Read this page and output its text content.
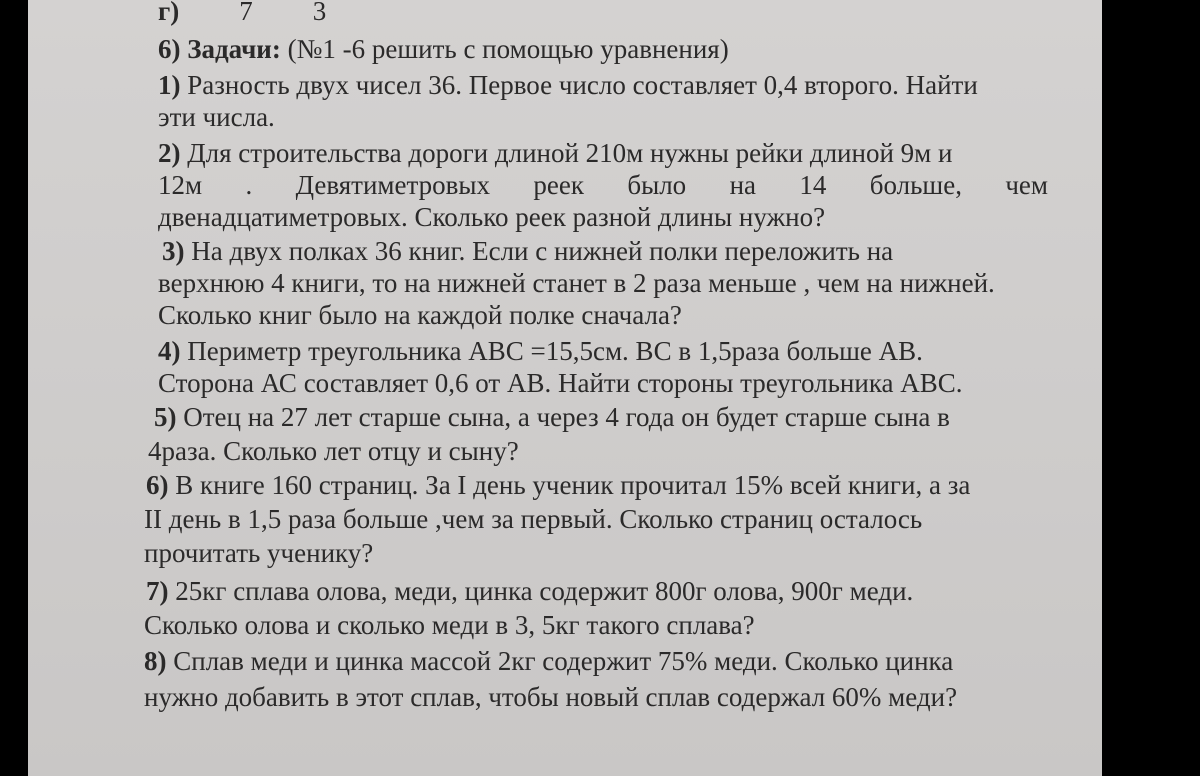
г) 7 3
6) Задачи: (№1 -6 решить с помощью уравнения)
1) Разность двух чисел 36. Первое число составляет 0,4 второго. Найти
эти числа.
2) Для строительства дороги длиной 210м нужны рейки длиной 9м и
12м . Девятиметровых реек было на 14 больше, чем
двенадцатиметровых. Сколько реек разной длины нужно?
3) На двух полках 36 книг. Если с нижней полки переложить на
верхнюю 4 книги, то на нижней станет в 2 раза меньше , чем на нижней.
Сколько книг было на каждой полке сначала?
4) Периметр треугольника АВС =15,5см. ВС в 1,5раза больше АВ.
Сторона АС составляет 0,6 от АВ. Найти стороны треугольника АВС.
5) Отец на 27 лет старше сына, а через 4 года он будет старше сына в
4раза. Сколько лет отцу и сыну?
6) В книге 160 страниц. За I день ученик прочитал 15% всей книги, а за
II день в 1,5 раза больше ,чем за первый. Сколько страниц осталось
прочитать ученику?
7) 25кг сплава олова, меди, цинка содержит 800г олова, 900г меди.
Сколько олова и сколько меди в 3, 5кг такого сплава?
8) Сплав меди и цинка массой 2кг содержит 75% меди. Сколько цинка
нужно добавить в этот сплав, чтобы новый сплав содержал 60% меди?
